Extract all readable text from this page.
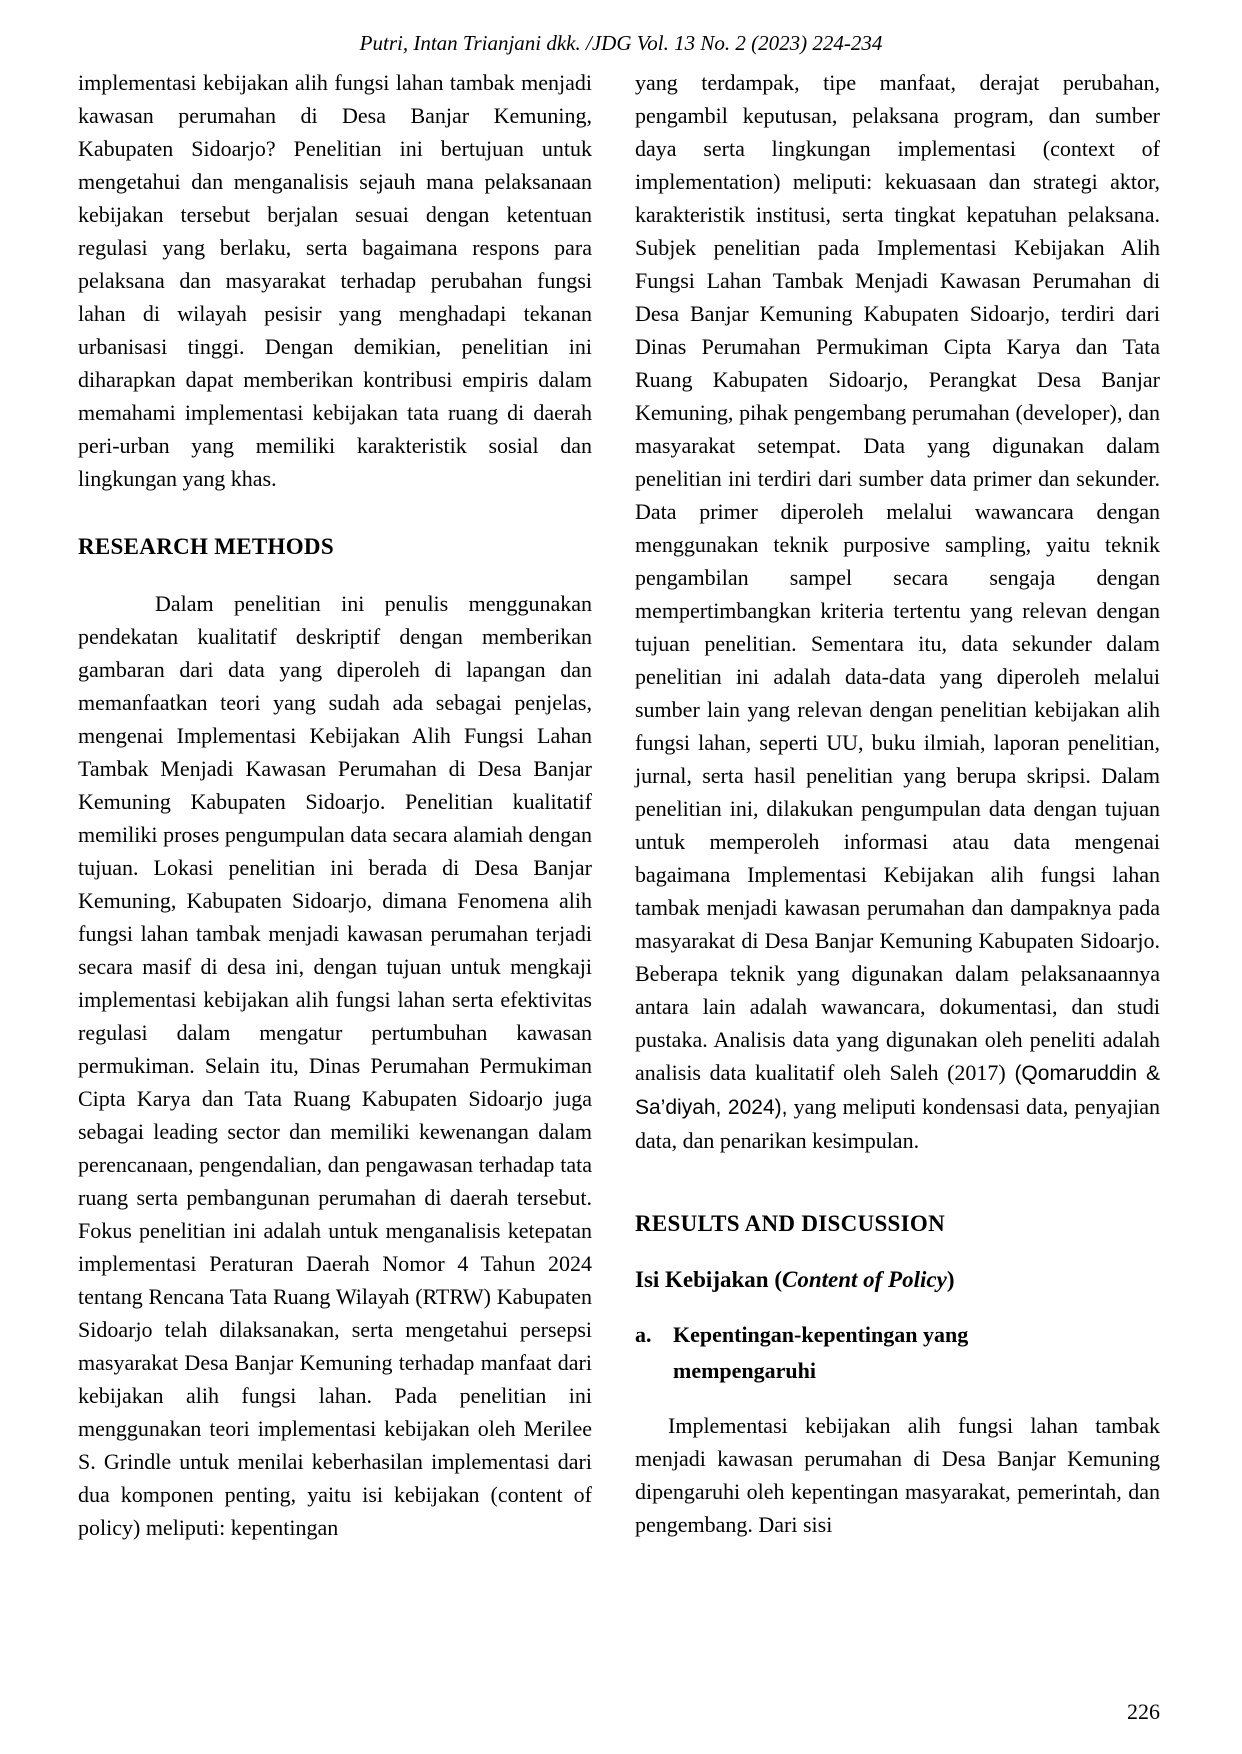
Putri, Intan Trianjani dkk. /JDG Vol. 13 No. 2 (2023) 224-234

implementasi kebijakan alih fungsi lahan tambak menjadi kawasan perumahan di Desa Banjar Kemuning, Kabupaten Sidoarjo? Penelitian ini bertujuan untuk mengetahui dan menganalisis sejauh mana pelaksanaan kebijakan tersebut berjalan sesuai dengan ketentuan regulasi yang berlaku, serta bagaimana respons para pelaksana dan masyarakat terhadap perubahan fungsi lahan di wilayah pesisir yang menghadapi tekanan urbanisasi tinggi. Dengan demikian, penelitian ini diharapkan dapat memberikan kontribusi empiris dalam memahami implementasi kebijakan tata ruang di daerah peri-urban yang memiliki karakteristik sosial dan lingkungan yang khas.

RESEARCH METHODS

Dalam penelitian ini penulis menggunakan pendekatan kualitatif deskriptif dengan memberikan gambaran dari data yang diperoleh di lapangan dan memanfaatkan teori yang sudah ada sebagai penjelas, mengenai Implementasi Kebijakan Alih Fungsi Lahan Tambak Menjadi Kawasan Perumahan di Desa Banjar Kemuning Kabupaten Sidoarjo. Penelitian kualitatif memiliki proses pengumpulan data secara alamiah dengan tujuan. Lokasi penelitian ini berada di Desa Banjar Kemuning, Kabupaten Sidoarjo, dimana Fenomena alih fungsi lahan tambak menjadi kawasan perumahan terjadi secara masif di desa ini, dengan tujuan untuk mengkaji implementasi kebijakan alih fungsi lahan serta efektivitas regulasi dalam mengatur pertumbuhan kawasan permukiman. Selain itu, Dinas Perumahan Permukiman Cipta Karya dan Tata Ruang Kabupaten Sidoarjo juga sebagai leading sector dan memiliki kewenangan dalam perencanaan, pengendalian, dan pengawasan terhadap tata ruang serta pembangunan perumahan di daerah tersebut. Fokus penelitian ini adalah untuk menganalisis ketepatan implementasi Peraturan Daerah Nomor 4 Tahun 2024 tentang Rencana Tata Ruang Wilayah (RTRW) Kabupaten Sidoarjo telah dilaksanakan, serta mengetahui persepsi masyarakat Desa Banjar Kemuning terhadap manfaat dari kebijakan alih fungsi lahan. Pada penelitian ini menggunakan teori implementasi kebijakan oleh Merilee S. Grindle untuk menilai keberhasilan implementasi dari dua komponen penting, yaitu isi kebijakan (content of policy) meliputi: kepentingan

yang terdampak, tipe manfaat, derajat perubahan, pengambil keputusan, pelaksana program, dan sumber daya serta lingkungan implementasi (context of implementation) meliputi: kekuasaan dan strategi aktor, karakteristik institusi, serta tingkat kepatuhan pelaksana. Subjek penelitian pada Implementasi Kebijakan Alih Fungsi Lahan Tambak Menjadi Kawasan Perumahan di Desa Banjar Kemuning Kabupaten Sidoarjo, terdiri dari Dinas Perumahan Permukiman Cipta Karya dan Tata Ruang Kabupaten Sidoarjo, Perangkat Desa Banjar Kemuning, pihak pengembang perumahan (developer), dan masyarakat setempat. Data yang digunakan dalam penelitian ini terdiri dari sumber data primer dan sekunder. Data primer diperoleh melalui wawancara dengan menggunakan teknik purposive sampling, yaitu teknik pengambilan sampel secara sengaja dengan mempertimbangkan kriteria tertentu yang relevan dengan tujuan penelitian. Sementara itu, data sekunder dalam penelitian ini adalah data-data yang diperoleh melalui sumber lain yang relevan dengan penelitian kebijakan alih fungsi lahan, seperti UU, buku ilmiah, laporan penelitian, jurnal, serta hasil penelitian yang berupa skripsi. Dalam penelitian ini, dilakukan pengumpulan data dengan tujuan untuk memperoleh informasi atau data mengenai bagaimana Implementasi Kebijakan alih fungsi lahan tambak menjadi kawasan perumahan dan dampaknya pada masyarakat di Desa Banjar Kemuning Kabupaten Sidoarjo. Beberapa teknik yang digunakan dalam pelaksanaannya antara lain adalah wawancara, dokumentasi, dan studi pustaka. Analisis data yang digunakan oleh peneliti adalah analisis data kualitatif oleh Saleh (2017) (Qomaruddin & Sa’diyah, 2024), yang meliputi kondensasi data, penyajian data, dan penarikan kesimpulan.

RESULTS AND DISCUSSION
Isi Kebijakan (Content of Policy)
a. Kepentingan-kepentingan yang mempengaruhi

Implementasi kebijakan alih fungsi lahan tambak menjadi kawasan perumahan di Desa Banjar Kemuning dipengaruhi oleh kepentingan masyarakat, pemerintah, dan pengembang. Dari sisi

226
